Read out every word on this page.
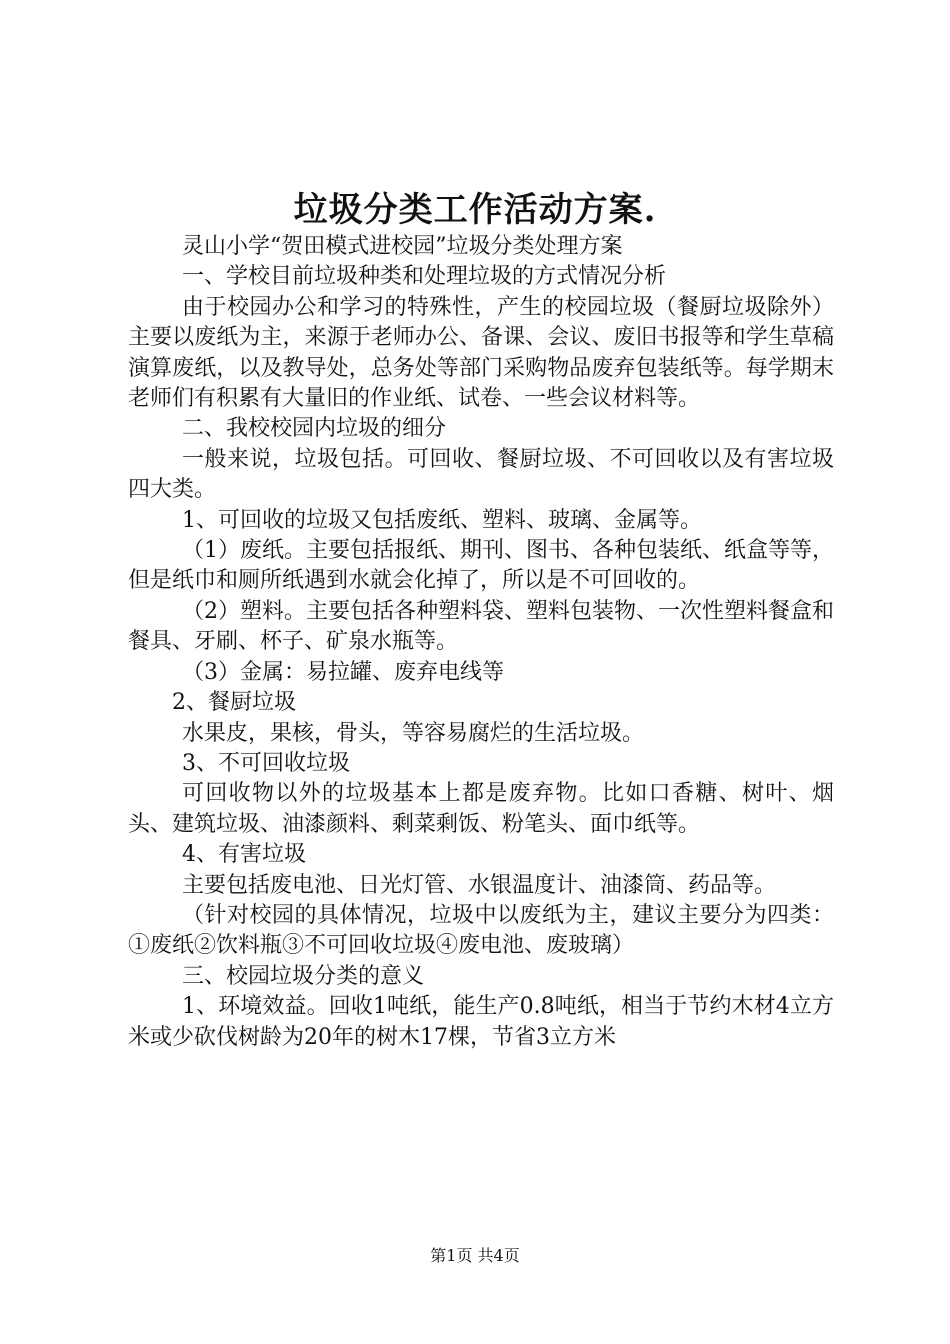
垃圾分类工作活动方案.

灵山小学“贺田模式进校园”垃圾分类处理方案

一、学校目前垃圾种类和处理垃圾的方式情况分析

由于校园办公和学习的特殊性，产生的校园垃圾（餐厨垃圾除外）主要以废纸为主，来源于老师办公、备课、会议、废旧书报等和学生草稿演算废纸，以及教导处，总务处等部门采购物品废弃包装纸等。每学期末老师们有积累有大量旧的作业纸、试卷、一些会议材料等。

二、我校校园内垃圾的细分

一般来说，垃圾包括。可回收、餐厨垃圾、不可回收以及有害垃圾四大类。

1、可回收的垃圾又包括废纸、塑料、玻璃、金属等。

（1）废纸。主要包括报纸、期刊、图书、各种包装纸、纸盒等等，但是纸巾和厕所纸遇到水就会化掉了，所以是不可回收的。

（2）塑料。主要包括各种塑料袋、塑料包装物、一次性塑料餐盒和餐具、牙刷、杯子、矿泉水瓶等。

（3）金属：易拉罐、废弃电线等

2、餐厨垃圾

水果皮，果核，骨头，等容易腐烂的生活垃圾。

3、不可回收垃圾

可回收物以外的垃圾基本上都是废弃物。比如口香糖、树叶、烟头、建筑垃圾、油漆颜料、剩菜剩饭、粉笔头、面巾纸等。

4、有害垃圾

主要包括废电池、日光灯管、水银温度计、油漆筒、药品等。

（针对校园的具体情况，垃圾中以废纸为主，建议主要分为四类：①废纸②饮料瓶③不可回收垃圾④废电池、废玻璃）

三、校园垃圾分类的意义

1、环境效益。回收1吨纸，能生产0.8吨纸，相当于节约木材4立方米或少砍伐树龄为20年的树木17棵，节省3立方米

第1页 共4页
